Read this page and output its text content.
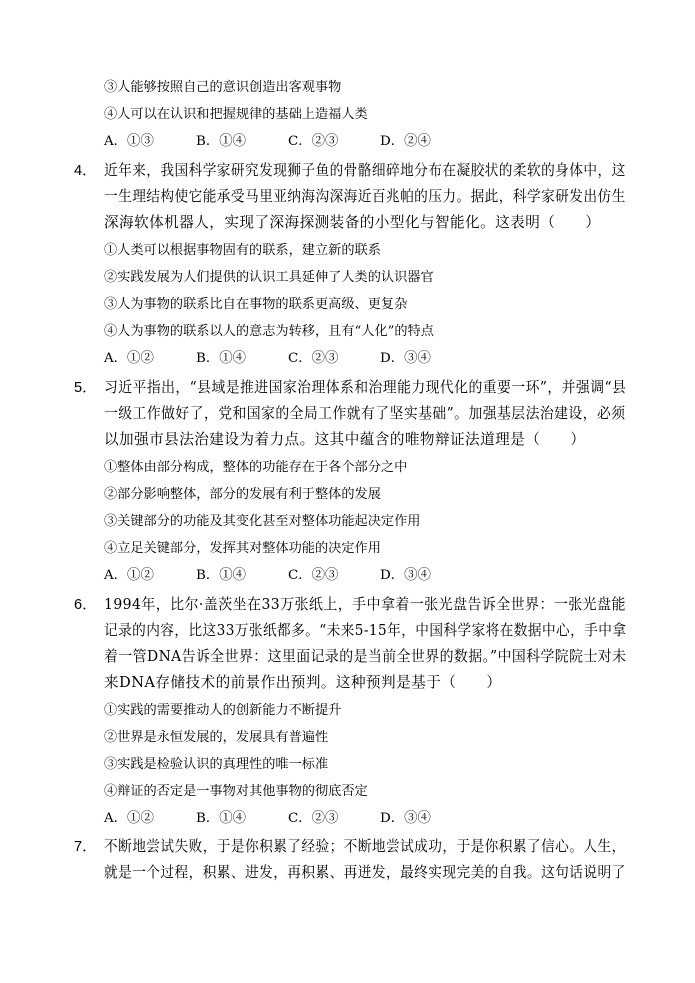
③人能够按照自己的意识创造出客观事物
④人可以在认识和把握规律的基础上造福人类
A．①③	B．①④	C．②③	D．②④
4． 近年来，我国科学家研究发现狮子鱼的骨骼细碎地分布在凝胶状的柔软的身体中，这
一生理结构使它能承受马里亚纳海沟深海近百兆帕的压力。据此，科学家研发出仿生
深海软体机器人，实现了深海探测装备的小型化与智能化。这表明（　　）
①人类可以根据事物固有的联系，建立新的联系
②实践发展为人们提供的认识工具延伸了人类的认识器官
③人为事物的联系比自在事物的联系更高级、更复杂
④人为事物的联系以人的意志为转移，且有“人化”的特点
A．①②	B．①④	C．②③	D．③④
5． 习近平指出，“县域是推进国家治理体系和治理能力现代化的重要一环”，并强调“县
一级工作做好了，党和国家的全局工作就有了坚实基础”。加强基层法治建设，必须
以加强市县法治建设为着力点。这其中蕴含的唯物辩证法道理是（　　）
①整体由部分构成，整体的功能存在于各个部分之中
②部分影响整体，部分的发展有利于整体的发展
③关键部分的功能及其变化甚至对整体功能起决定作用
④立足关键部分，发挥其对整体功能的决定作用
A．①②	B．①④	C．②③	D．③④
6． 1994年，比尔·盖茨坐在33万张纸上，手中拿着一张光盘告诉全世界：一张光盘能
记录的内容，比这33万张纸都多。“未来5-15年，中国科学家将在数据中心，手中拿
着一管DNA告诉全世界：这里面记录的是当前全世界的数据。”中国科学院院士对未
来DNA存储技术的前景作出预判。这种预判是基于（　　）
①实践的需要推动人的创新能力不断提升
②世界是永恒发展的，发展具有普遍性
③实践是检验认识的真理性的唯一标准
④辩证的否定是一事物对其他事物的彻底否定
A．①②	B．①④	C．②③	D．③④
7． 不断地尝试失败，于是你积累了经验；不断地尝试成功，于是你积累了信心。人生，
就是一个过程，积累、进发，再积累、再迸发，最终实现完美的自我。这句话说明了
